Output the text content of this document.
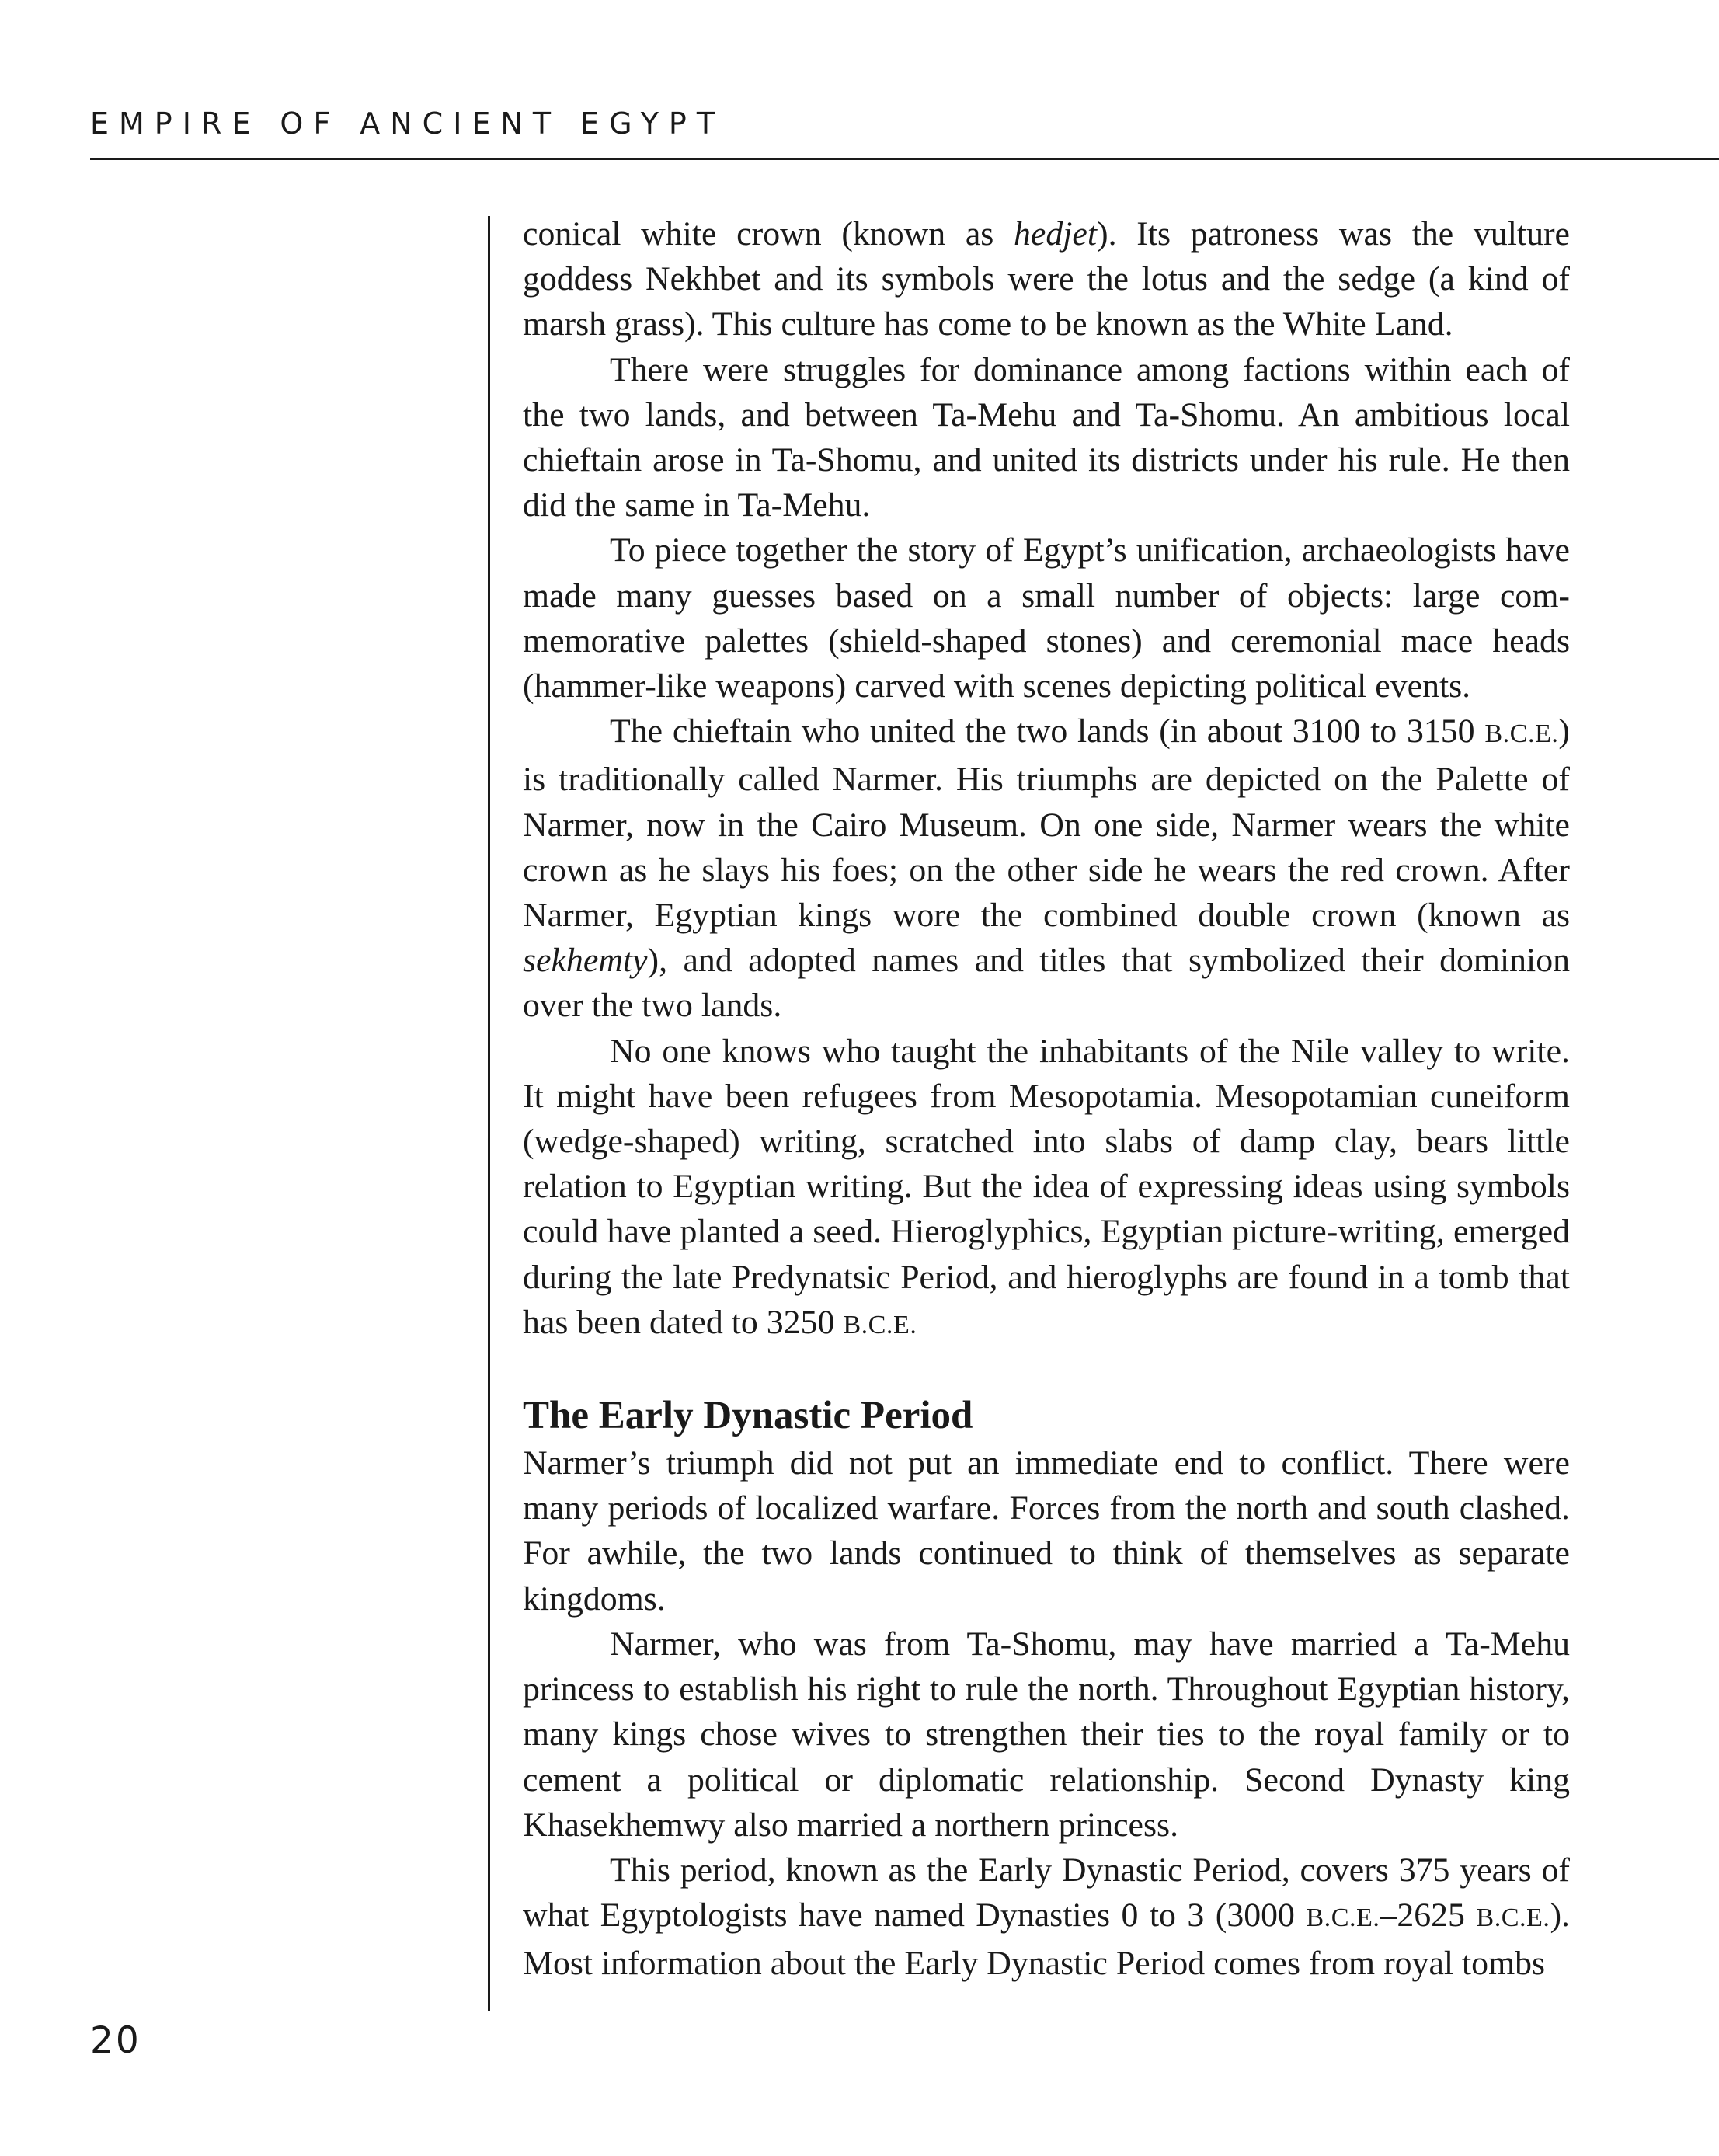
EMPIRE OF ANCIENT EGYPT

conical white crown (known as hedjet). Its patroness was the vulture goddess Nekhbet and its symbols were the lotus and the sedge (a kind of marsh grass). This culture has come to be known as the White Land.

There were struggles for dominance among factions within each of the two lands, and between Ta-Mehu and Ta-Shomu. An ambitious local chieftain arose in Ta-Shomu, and united its districts under his rule. He then did the same in Ta-Mehu.

To piece together the story of Egypt’s unification, archaeologists have made many guesses based on a small number of objects: large commemorative palettes (shield-shaped stones) and ceremonial mace heads (hammer-like weapons) carved with scenes depicting political events.

The chieftain who united the two lands (in about 3100 to 3150 B.C.E.) is traditionally called Narmer. His triumphs are depicted on the Palette of Narmer, now in the Cairo Museum. On one side, Narmer wears the white crown as he slays his foes; on the other side he wears the red crown. After Narmer, Egyptian kings wore the combined double crown (known as sekhemty), and adopted names and titles that symbolized their dominion over the two lands.

No one knows who taught the inhabitants of the Nile valley to write. It might have been refugees from Mesopotamia. Mesopotamian cuneiform (wedge-shaped) writing, scratched into slabs of damp clay, bears little relation to Egyptian writing. But the idea of expressing ideas using symbols could have planted a seed. Hieroglyphics, Egyptian picture-writing, emerged during the late Predynatsic Period, and hieroglyphs are found in a tomb that has been dated to 3250 B.C.E.

The Early Dynastic Period

Narmer’s triumph did not put an immediate end to conflict. There were many periods of localized warfare. Forces from the north and south clashed. For awhile, the two lands continued to think of themselves as separate kingdoms.

Narmer, who was from Ta-Shomu, may have married a Ta-Mehu princess to establish his right to rule the north. Throughout Egyptian history, many kings chose wives to strengthen their ties to the royal family or to cement a political or diplomatic relationship. Second Dynasty king Khasekhemwy also married a northern princess.

This period, known as the Early Dynastic Period, covers 375 years of what Egyptologists have named Dynasties 0 to 3 (3000 B.C.E.–2625 B.C.E.). Most information about the Early Dynastic Period comes from royal tombs

20
